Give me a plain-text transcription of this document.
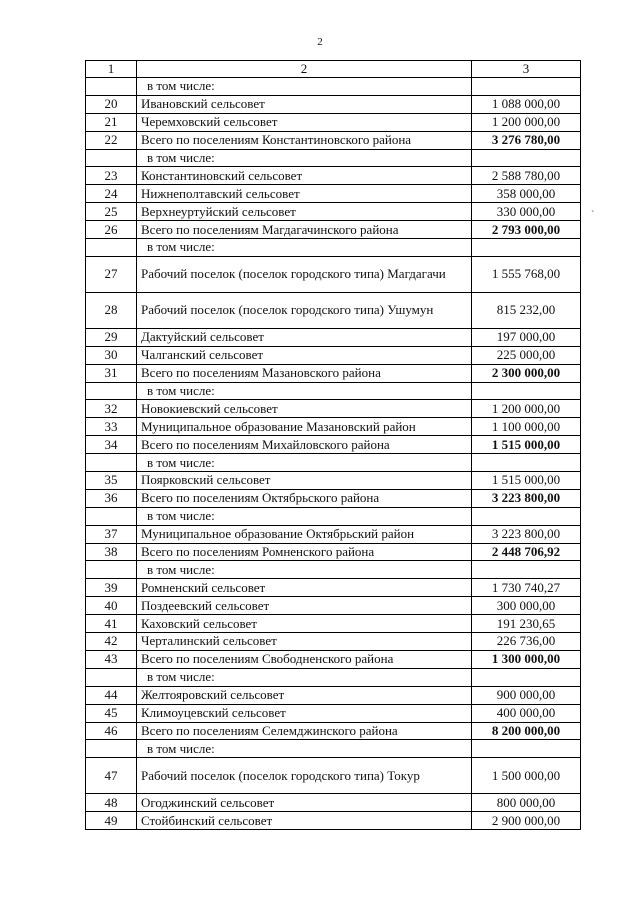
2
1	2	3
	в том числе:	
20	Ивановский сельсовет	1 088 000,00
21	Черемховский сельсовет	1 200 000,00
22	Всего по поселениям Константиновского района	3 276 780,00
	в том числе:	
23	Константиновский сельсовет	2 588 780,00
24	Нижнеполтавский сельсовет	358 000,00
25	Верхнеуртуйский сельсовет	330 000,00
26	Всего по поселениям Магдагачинского района	2 793 000,00
	в том числе:	
27	Рабочий поселок (поселок городского типа) Магдагачи	1 555 768,00
28	Рабочий поселок (поселок городского типа) Ушумун	815 232,00
29	Дактуйский сельсовет	197 000,00
30	Чалганский сельсовет	225 000,00
31	Всего по поселениям Мазановского района	2 300 000,00
	в том числе:	
32	Новокиевский сельсовет	1 200 000,00
33	Муниципальное образование Мазановский район	1 100 000,00
34	Всего по поселениям Михайловского района	1 515 000,00
	в том числе:	
35	Поярковский сельсовет	1 515 000,00
36	Всего по поселениям Октябрьского района	3 223 800,00
	в том числе:	
37	Муниципальное образование Октябрьский район	3 223 800,00
38	Всего по поселениям Ромненского района	2 448 706,92
	в том числе:	
39	Ромненский сельсовет	1 730 740,27
40	Поздеевский сельсовет	300 000,00
41	Каховский сельсовет	191 230,65
42	Черталинский сельсовет	226 736,00
43	Всего по поселениям Свободненского района	1 300 000,00
	в том числе:	
44	Желтояровский сельсовет	900 000,00
45	Климоуцевский сельсовет	400 000,00
46	Всего по поселениям Селемджинского района	8 200 000,00
	в том числе:	
47	Рабочий поселок (поселок городского типа) Токур	1 500 000,00
48	Огоджинский сельсовет	800 000,00
49	Стойбинский сельсовет	2 900 000,00
`
